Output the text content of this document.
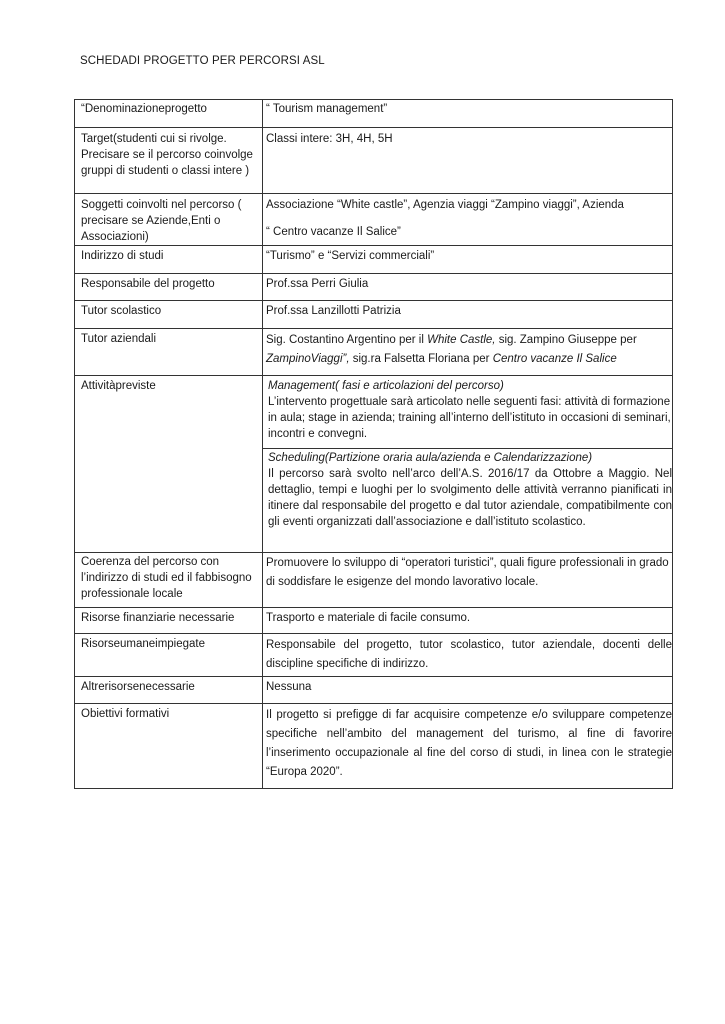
SCHEDADI PROGETTO PER PERCORSI ASL
“Denominazioneprogetto	“ Tourism management”
Target(studenti cui si rivolge. Precisare se il percorso coinvolge gruppi di studenti o classi intere )	Classi intere: 3H, 4H, 5H
Soggetti coinvolti nel percorso ( precisare se Aziende,Enti o Associazioni)	Associazione “White castle”, Agenzia viaggi “Zampino viaggi”, Azienda
“ Centro vacanze Il Salice”

Indirizzo di studi	“Turismo” e “Servizi commerciali”
Responsabile del progetto	Prof.ssa Perri Giulia
Tutor scolastico	Prof.ssa Lanzillotti Patrizia
Tutor aziendali	Sig. Costantino Argentino per il White Castle, sig. Zampino Giuseppe per ZampinoViaggi”, sig.ra Falsetta Floriana per Centro vacanze Il Salice
Attivitàpreviste	Management( fasi e articolazioni del percorso)
L’intervento progettuale sarà articolato nelle seguenti fasi: attività di formazione in aula; stage in azienda; training all’interno dell’istituto in occasioni di seminari, incontri e convegni.
Scheduling(Partizione oraria aula/azienda e Calendarizzazione)
Il percorso sarà svolto nell’arco dell’A.S. 2016/17 da Ottobre a Maggio. Nel dettaglio, tempi e luoghi per lo svolgimento delle attività verranno pianificati in itinere dal responsabile del progetto e dal tutor aziendale, compatibilmente con gli eventi organizzati dall’associazione e dall’istituto scolastico.

Coerenza del percorso con l’indirizzo di studi ed il fabbisogno professionale locale	Promuovere lo sviluppo di “operatori turistici”, quali figure professionali in grado di soddisfare le esigenze del mondo lavorativo locale.
Risorse finanziarie necessarie	Trasporto e materiale di facile consumo.
Risorseumaneimpiegate	Responsabile del progetto, tutor scolastico, tutor aziendale, docenti delle discipline specifiche di indirizzo.
Altrerisorsenecessarie	Nessuna
Obiettivi formativi	Il progetto si prefigge di far acquisire competenze e/o sviluppare competenze specifiche nell’ambito del management del turismo, al fine di favorire l’inserimento occupazionale al fine del corso di studi, in linea con le strategie “Europa 2020”.
